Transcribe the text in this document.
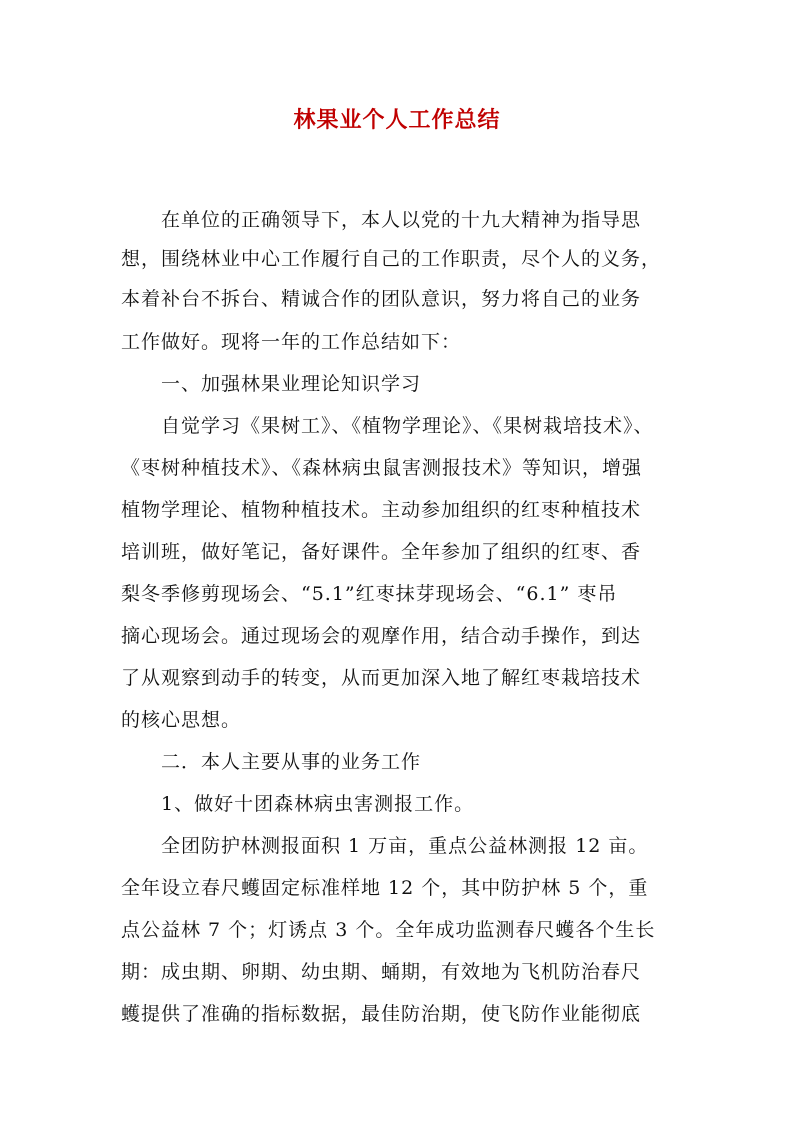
林果业个人工作总结
在单位的正确领导下，本人以党的十九大精神为指导思
想，围绕林业中心工作履行自己的工作职责，尽个人的义务，
本着补台不拆台、精诚合作的团队意识，努力将自己的业务
工作做好。现将一年的工作总结如下：
一、加强林果业理论知识学习
自觉学习《果树工》、《植物学理论》、《果树栽培技术》、
《枣树种植技术》、《森林病虫鼠害测报技术》等知识，增强
植物学理论、植物种植技术。主动参加组织的红枣种植技术
培训班，做好笔记，备好课件。全年参加了组织的红枣、香
梨冬季修剪现场会、“5.1”红枣抹芽现场会、“6.1” 枣吊
摘心现场会。通过现场会的观摩作用，结合动手操作，到达
了从观察到动手的转变，从而更加深入地了解红枣栽培技术
的核心思想。
二．本人主要从事的业务工作
1、做好十团森林病虫害测报工作。
全团防护林测报面积 1 万亩，重点公益林测报 12 亩。
全年设立春尺蠖固定标准样地 12 个，其中防护林 5 个，重
点公益林 7 个；灯诱点 3 个。全年成功监测春尺蠖各个生长
期：成虫期、卵期、幼虫期、蛹期，有效地为飞机防治春尺
蠖提供了准确的指标数据，最佳防治期，使飞防作业能彻底
